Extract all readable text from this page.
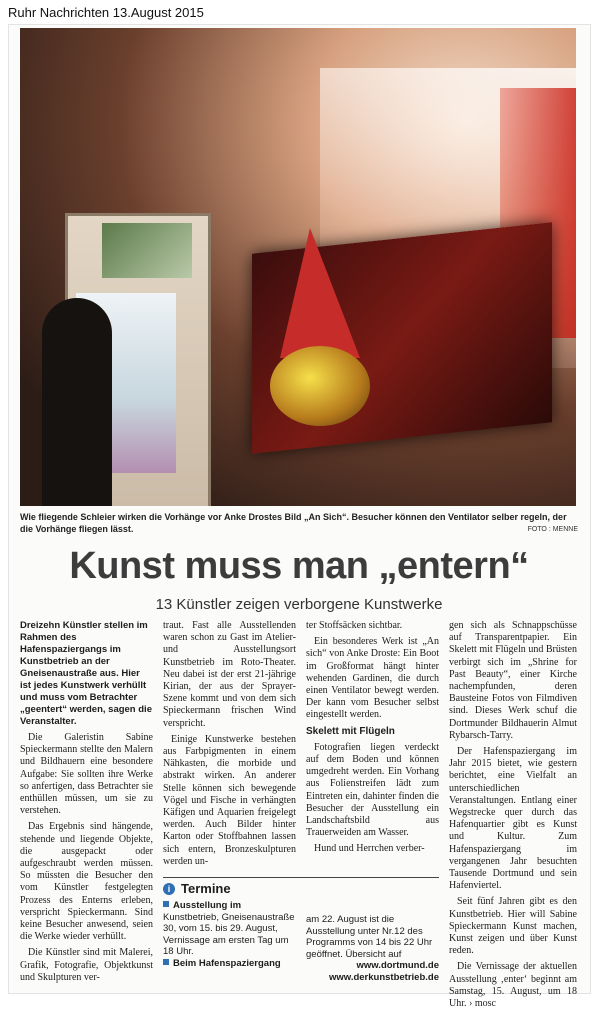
Ruhr Nachrichten 13.August 2015
Wie fliegende Schleier wirken die Vorhänge vor Anke Drostes Bild „An Sich“. Besucher können den Ventilator selber regeln, der die Vorhänge fliegen lässt.	FOTO : MENNE
Kunst muss man „entern“
13 Künstler zeigen verborgene Kunstwerke

Dreizehn Künstler stellen im Rahmen des Hafenspaziergangs im Kunstbetrieb an der Gneisenaustraße aus. Hier ist jedes Kunstwerk verhüllt und muss vom Betrachter „geentert“ werden, sagen die Veranstalter.

Die Galeristin Sabine Spieckermann stellte den Malern und Bildhauern eine besondere Aufgabe: Sie sollten ihre Werke so anfertigen, dass Betrachter sie enthüllen müssen, um sie zu verstehen.

Das Ergebnis sind hängende, stehende und liegende Objekte, die ausgepackt oder aufgeschraubt werden müssen. So müssten die Besucher den vom Künstler festgelegten Prozess des Enterns erleben, verspricht Spieckermann. Sind keine Besucher anwesend, seien die Werke wieder verhüllt.

Die Künstler sind mit Malerei, Grafik, Fotografie, Objektkunst und Skulpturen ver-

traut. Fast alle Ausstellenden waren schon zu Gast im Atelier- und Ausstellungsort Kunstbetrieb im Roto-Theater. Neu dabei ist der erst 21-jährige Kirian, der aus der Sprayer-Szene kommt und von dem sich Spieckermann frischen Wind verspricht.

Einige Kunstwerke bestehen aus Farbpigmenten in einem Nähkasten, die morbide und abstrakt wirken. An anderer Stelle können sich bewegende Vögel und Fische in verhängten Käfigen und Aquarien freigelegt werden. Auch Bilder hinter Karton oder Stoffbahnen lassen sich entern, Bronzeskulpturen werden un-

ter Stoffsäcken sichtbar.

Ein besonderes Werk ist „An sich“ von Anke Droste: Ein Boot im Großformat hängt hinter wehenden Gardinen, die durch einen Ventilator bewegt werden. Der kann vom Besucher selbst eingestellt werden.

Skelett mit Flügeln

Fotografien liegen verdeckt auf dem Boden und können umgedreht werden. Ein Vorhang aus Folienstreifen lädt zum Eintreten ein, dahinter finden die Besucher der Ausstellung ein Landschaftsbild aus Trauerweiden am Wasser.

Hund und Herrchen verber-

gen sich als Schnappschüsse auf Transparentpapier. Ein Skelett mit Flügeln und Brüsten verbirgt sich im „Shrine for Past Beauty“, einer Kirche nachempfunden, deren Bausteine Fotos von Filmdiven sind. Dieses Werk schuf die Dortmunder Bildhauerin Almut Rybarsch-Tarry.

Der Hafenspaziergang im Jahr 2015 bietet, wie gestern berichtet, eine Vielfalt an unterschiedlichen Veranstaltungen. Entlang einer Wegstrecke quer durch das Hafenquartier gibt es Kunst und Kultur. Zum Hafenspaziergang im vergangenen Jahr besuchten Tausende Dortmund und sein Hafenviertel.

Seit fünf Jahren gibt es den Kunstbetrieb. Hier will Sabine Spieckermann Kunst machen, Kunst zeigen und über Kunst reden.

Die Vernissage der aktuellen Ausstellung ‚enter‘ beginnt am Samstag, 15. August, um 18 Uhr. › mosc

i Termine
Ausstellung im Kunstbetrieb, Gneisenaustraße 30, vom 15. bis 29. August, Vernissage am ersten Tag um 18 Uhr.
Beim Hafenspaziergang
am 22. August ist die Ausstellung unter Nr.12 des Programms von 14 bis 22 Uhr geöffnet. Übersicht auf
www.dortmund.de
www.derkunstbetrieb.de
